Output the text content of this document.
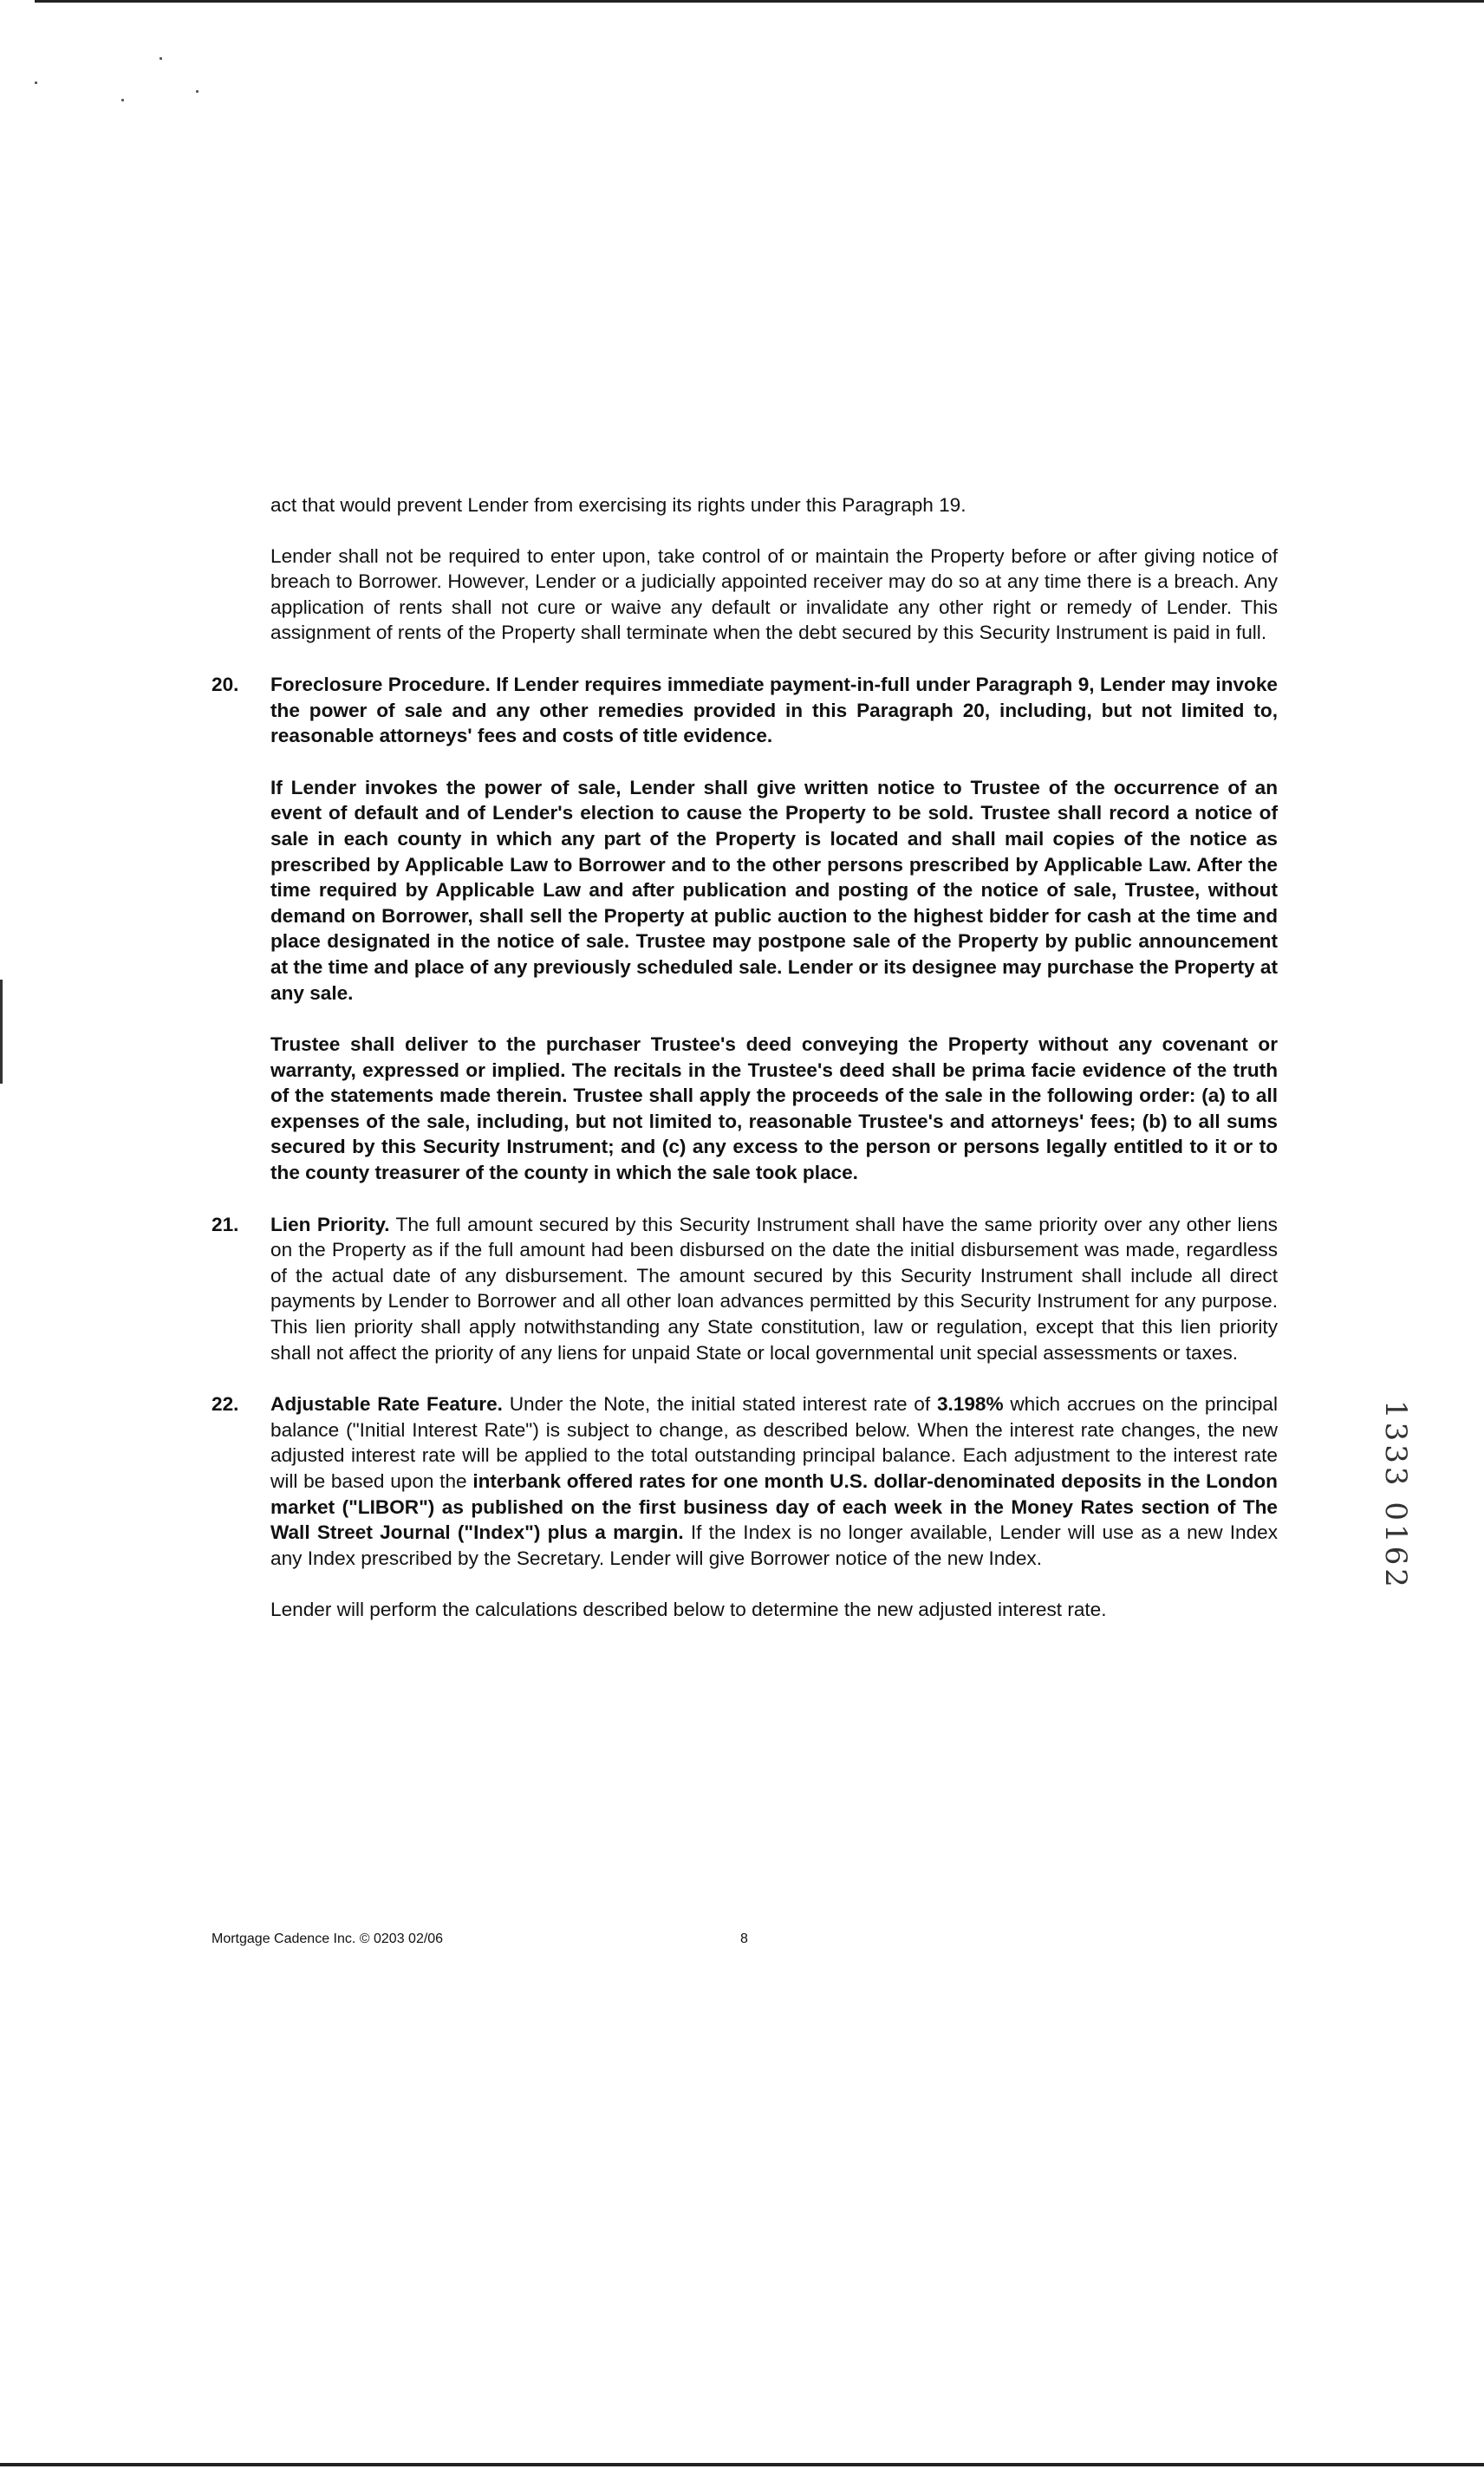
act that would prevent Lender from exercising its rights under this Paragraph 19.

Lender shall not be required to enter upon, take control of or maintain the Property before or after giving notice of breach to Borrower. However, Lender or a judicially appointed receiver may do so at any time there is a breach. Any application of rents shall not cure or waive any default or invalidate any other right or remedy of Lender. This assignment of rents of the Property shall terminate when the debt secured by this Security Instrument is paid in full.

20. Foreclosure Procedure. If Lender requires immediate payment-in-full under Paragraph 9, Lender may invoke the power of sale and any other remedies provided in this Paragraph 20, including, but not limited to, reasonable attorneys' fees and costs of title evidence.

If Lender invokes the power of sale, Lender shall give written notice to Trustee of the occurrence of an event of default and of Lender's election to cause the Property to be sold. Trustee shall record a notice of sale in each county in which any part of the Property is located and shall mail copies of the notice as prescribed by Applicable Law to Borrower and to the other persons prescribed by Applicable Law. After the time required by Applicable Law and after publication and posting of the notice of sale, Trustee, without demand on Borrower, shall sell the Property at public auction to the highest bidder for cash at the time and place designated in the notice of sale. Trustee may postpone sale of the Property by public announcement at the time and place of any previously scheduled sale. Lender or its designee may purchase the Property at any sale.

Trustee shall deliver to the purchaser Trustee's deed conveying the Property without any covenant or warranty, expressed or implied. The recitals in the Trustee's deed shall be prima facie evidence of the truth of the statements made therein. Trustee shall apply the proceeds of the sale in the following order: (a) to all expenses of the sale, including, but not limited to, reasonable Trustee's and attorneys' fees; (b) to all sums secured by this Security Instrument; and (c) any excess to the person or persons legally entitled to it or to the county treasurer of the county in which the sale took place.

21. Lien Priority. The full amount secured by this Security Instrument shall have the same priority over any other liens on the Property as if the full amount had been disbursed on the date the initial disbursement was made, regardless of the actual date of any disbursement. The amount secured by this Security Instrument shall include all direct payments by Lender to Borrower and all other loan advances permitted by this Security Instrument for any purpose. This lien priority shall apply notwithstanding any State constitution, law or regulation, except that this lien priority shall not affect the priority of any liens for unpaid State or local governmental unit special assessments or taxes.

22. Adjustable Rate Feature. Under the Note, the initial stated interest rate of 3.198% which accrues on the principal balance ("Initial Interest Rate") is subject to change, as described below. When the interest rate changes, the new adjusted interest rate will be applied to the total outstanding principal balance. Each adjustment to the interest rate will be based upon the interbank offered rates for one month U.S. dollar-denominated deposits in the London market ("LIBOR") as published on the first business day of each week in the Money Rates section of The Wall Street Journal ("Index") plus a margin. If the Index is no longer available, Lender will use as a new Index any Index prescribed by the Secretary. Lender will give Borrower notice of the new Index.

Lender will perform the calculations described below to determine the new adjusted interest rate.

Mortgage Cadence Inc. © 0203 02/06	8
1333 0162
